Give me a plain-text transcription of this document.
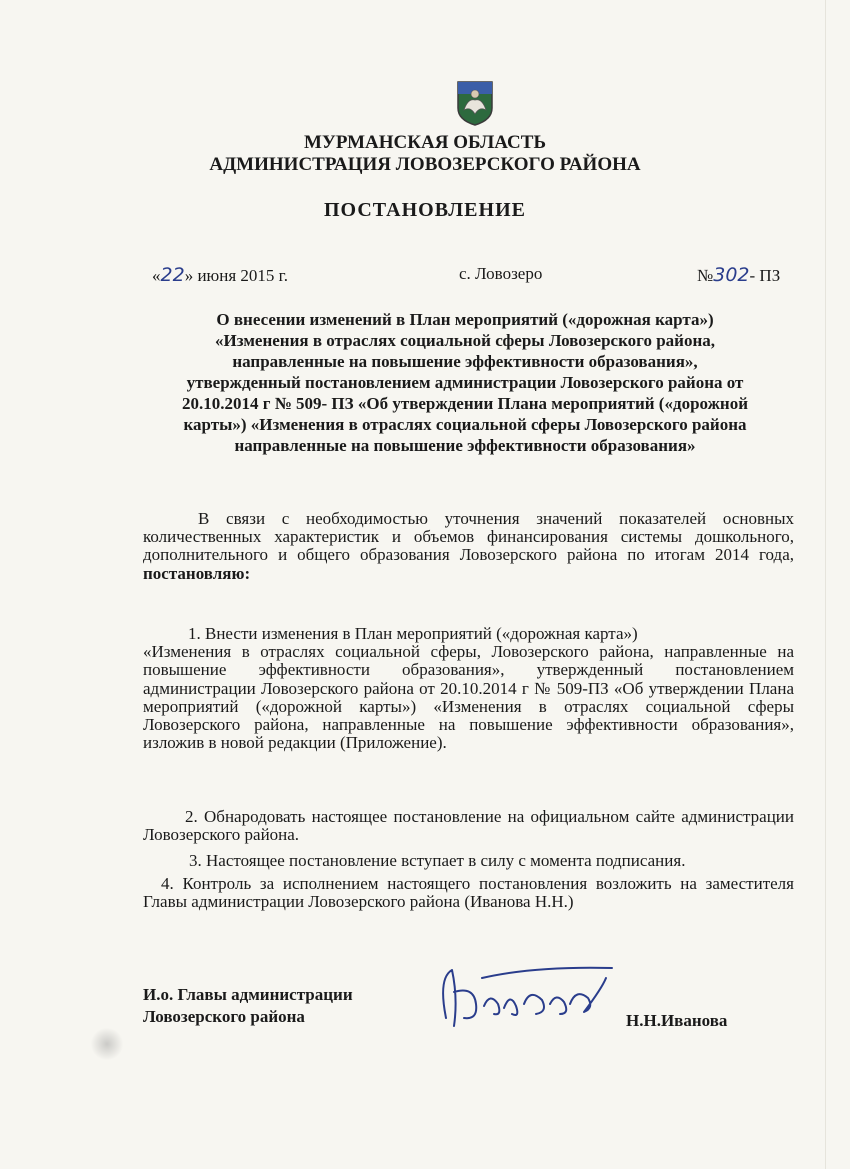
МУРМАНСКАЯ ОБЛАСТЬ
АДМИНИСТРАЦИЯ ЛОВОЗЕРСКОГО РАЙОНА
ПОСТАНОВЛЕНИЕ
«22» июня 2015 г.	с. Ловозеро	№302- ПЗ
О внесении изменений в План мероприятий («дорожная карта»)
«Изменения в отраслях социальной сферы Ловозерского района,
направленные на повышение эффективности образования»,
утвержденный постановлением администрации Ловозерского района от
20.10.2014 г № 509- ПЗ «Об утверждении Плана мероприятий («дорожной
карты») «Изменения в отраслях социальной сферы Ловозерского района
направленные на повышение эффективности образования»
В связи с необходимостью уточнения значений показателей основных количественных характеристик и объемов финансирования системы дошкольного, дополнительного и общего образования Ловозерского района по итогам 2014 года, постановляю:
1. Внести изменения в План мероприятий («дорожная карта»)
«Изменения в отраслях социальной сферы, Ловозерского района, направленные на повышение эффективности образования», утвержденный постановлением администрации Ловозерского района от 20.10.2014 г № 509-ПЗ «Об утверждении Плана мероприятий («дорожной карты») «Изменения в отраслях социальной сферы Ловозерского района, направленные на повышение эффективности образования», изложив в новой редакции (Приложение).
2. Обнародовать настоящее постановление на официальном сайте администрации Ловозерского района.
3. Настоящее постановление вступает в силу с момента подписания.
4. Контроль за исполнением настоящего постановления возложить на заместителя Главы администрации Ловозерского района (Иванова Н.Н.)
И.о. Главы администрации
Ловозерского района	Н.Н.Иванова
